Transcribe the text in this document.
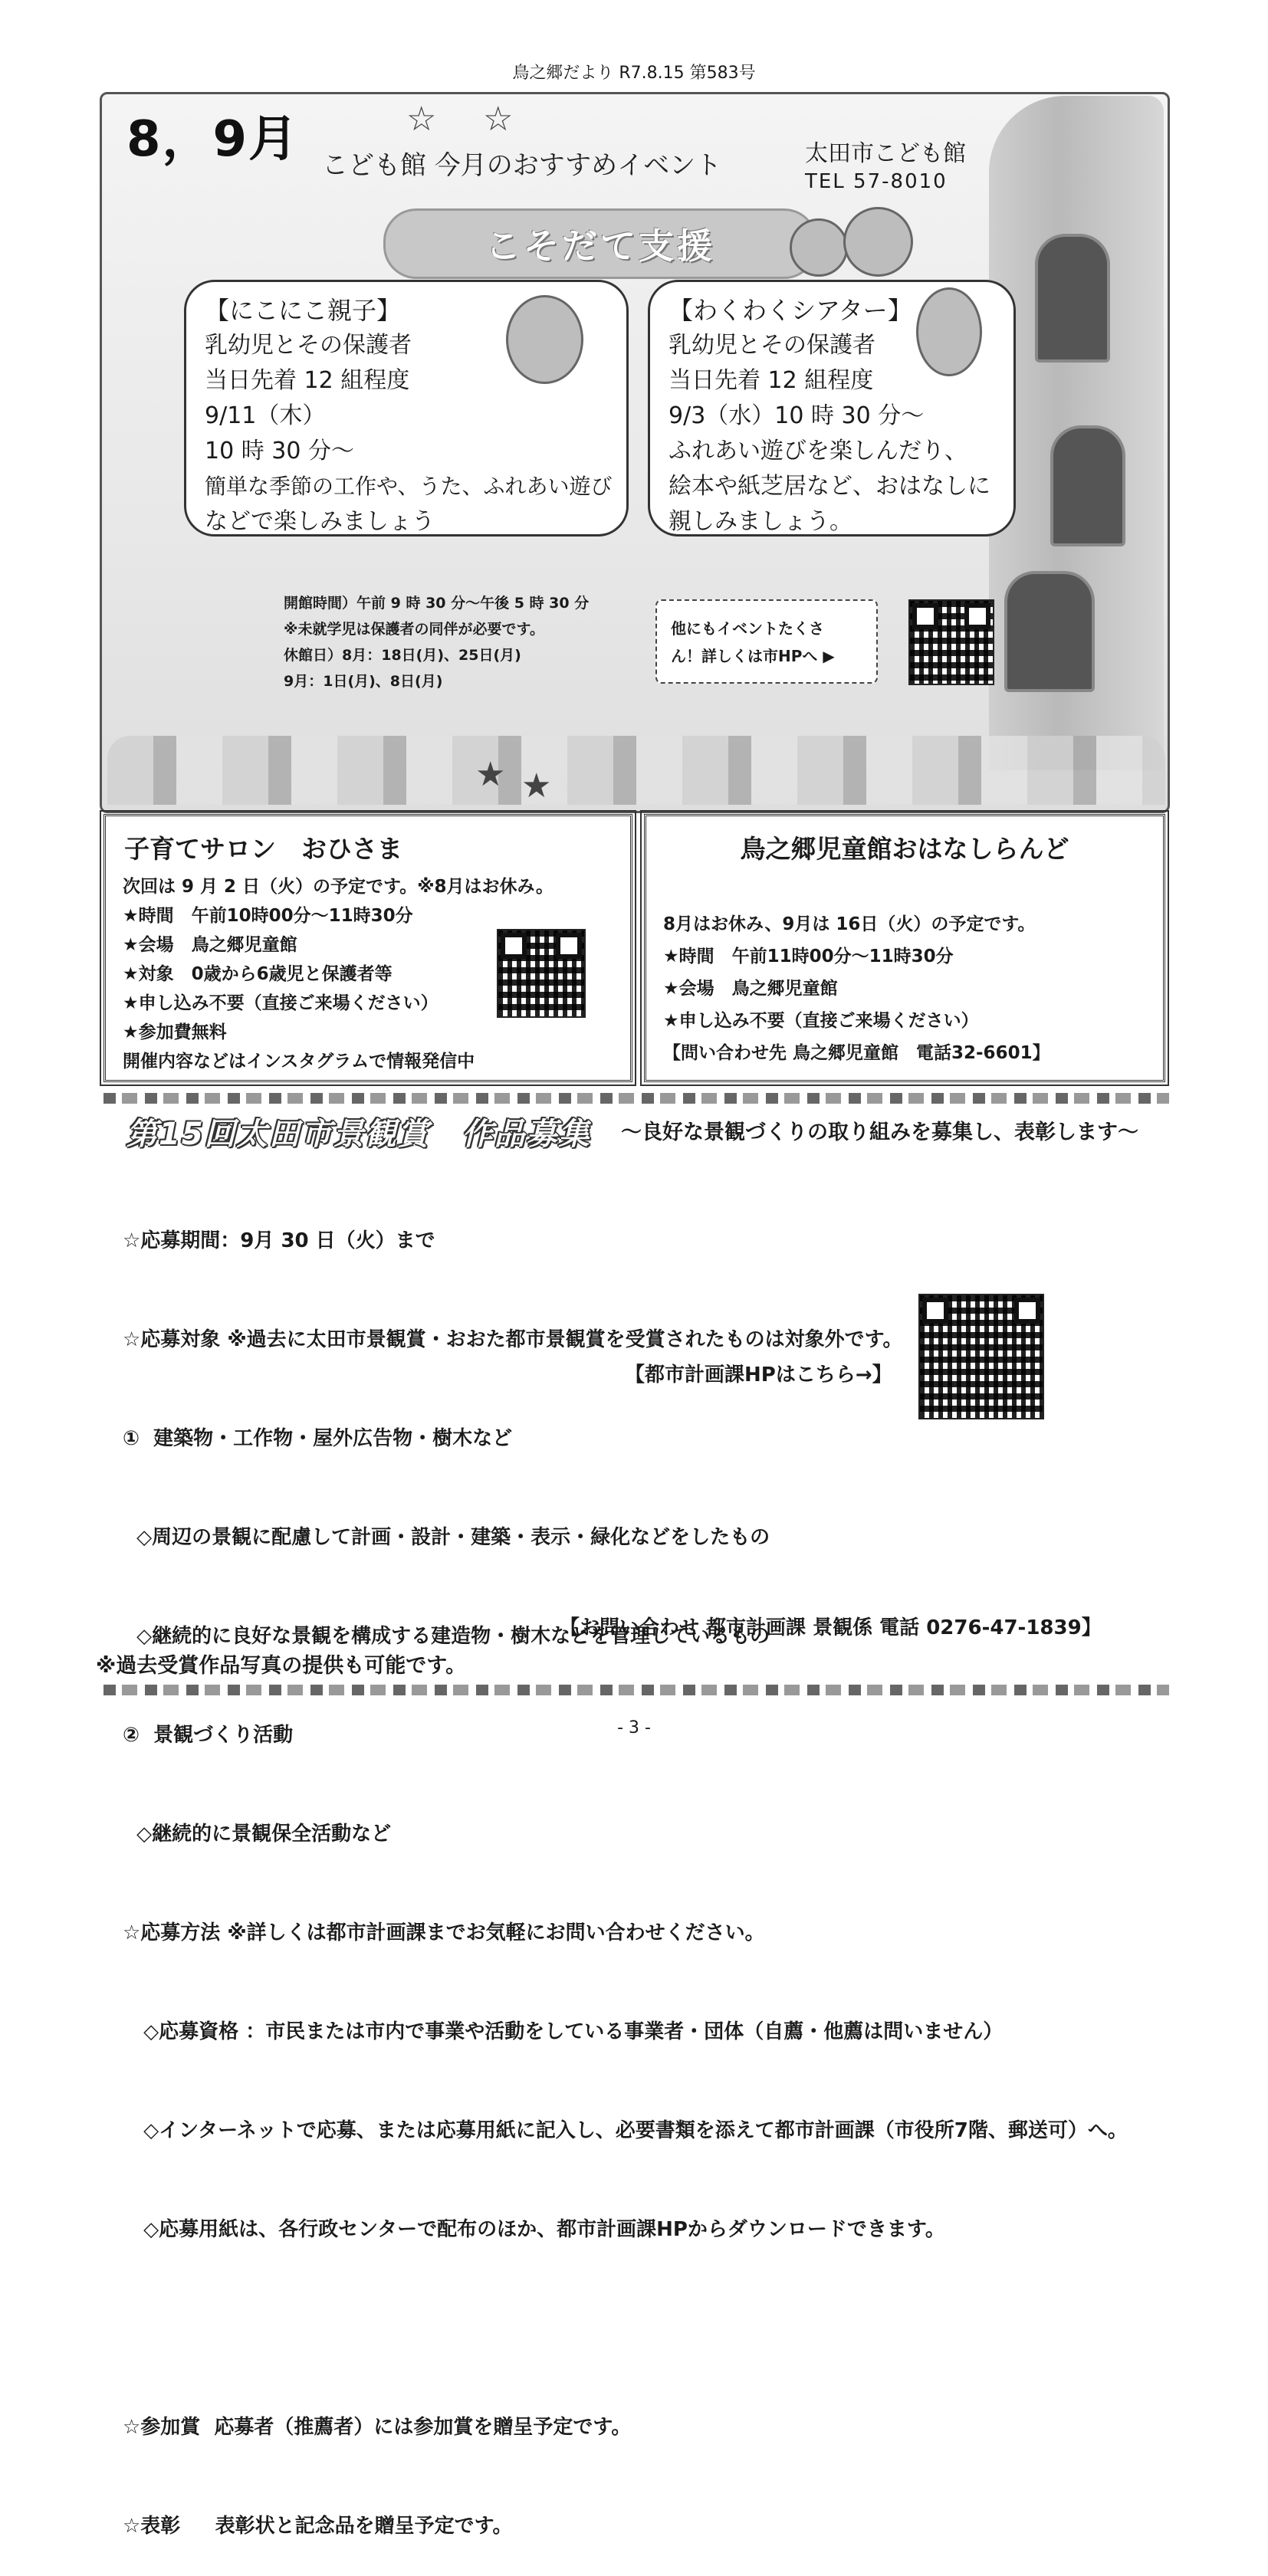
鳥之郷だより R7.8.15 第583号
☆ ☆
★ ★
8，9月 こども館 今月のおすすめイベント	太田市こども館
TEL 57-8010
こそだて支援
【にこにこ親子】
乳幼児とその保護者
当日先着 12 組程度
9/11（木）
10 時 30 分～
簡単な季節の工作や、うた、ふれあい遊び
などで楽しみましょう
【わくわくシアター】
乳幼児とその保護者
当日先着 12 組程度
9/3（水）10 時 30 分～
ふれあい遊びを楽しんだり、
絵本や紙芝居など、おはなしに
親しみましょう。
開館時間）午前 9 時 30 分～午後 5 時 30 分
※未就学児は保護者の同伴が必要です。
休館日）8月：18日(月)、25日(月)
9月：1日(月)、8日(月)
他にもイベントたくさ
ん！詳しくは市HPへ ▶
子育てサロン　おひさま
次回は 9 月 2 日（火）の予定です。※8月はお休み。
★時間　午前10時00分～11時30分
★会場　鳥之郷児童館
★対象　0歳から6歳児と保護者等
★申し込み不要（直接ご来場ください）
★参加費無料
開催内容などはインスタグラムで情報発信中
鳥之郷児童館おはなしらんど
8月はお休み、9月は 16日（火）の予定です。
★時間　午前11時00分～11時30分
★会場　鳥之郷児童館
★申し込み不要（直接ご来場ください）
【問い合わせ先 鳥之郷児童館　電話32-6601】
第15回太田市景観賞　作品募集 ～良好な景観づくりの取り組みを募集し、表彰します～

☆応募期間：9月 30 日（火）まで

☆応募対象 ※過去に太田市景観賞・おおた都市景観賞を受賞されたものは対象外です。

①  建築物・工作物・屋外広告物・樹木など

◇周辺の景観に配慮して計画・設計・建築・表示・緑化などをしたもの

◇継続的に良好な景観を構成する建造物・樹木などを管理しているもの

②  景観づくり活動

◇継続的に景観保全活動など

☆応募方法 ※詳しくは都市計画課までお気軽にお問い合わせください。

◇応募資格 ：市民または市内で事業や活動をしている事業者・団体（自薦・他薦は問いません）

◇インターネットで応募、または応募用紙に記入し、必要書類を添えて都市計画課（市役所7階、郵送可）へ。

◇応募用紙は、各行政センターで配布のほか、都市計画課HPからダウンロードできます。

☆参加賞  応募者（推薦者）には参加賞を贈呈予定です。

☆表彰     表彰状と記念品を贈呈予定です。

【都市計画課HPはこちら→】
【お問い合わせ 都市計画課 景観係 電話 0276-47-1839】
※過去受賞作品写真の提供も可能です。
- 3 -
